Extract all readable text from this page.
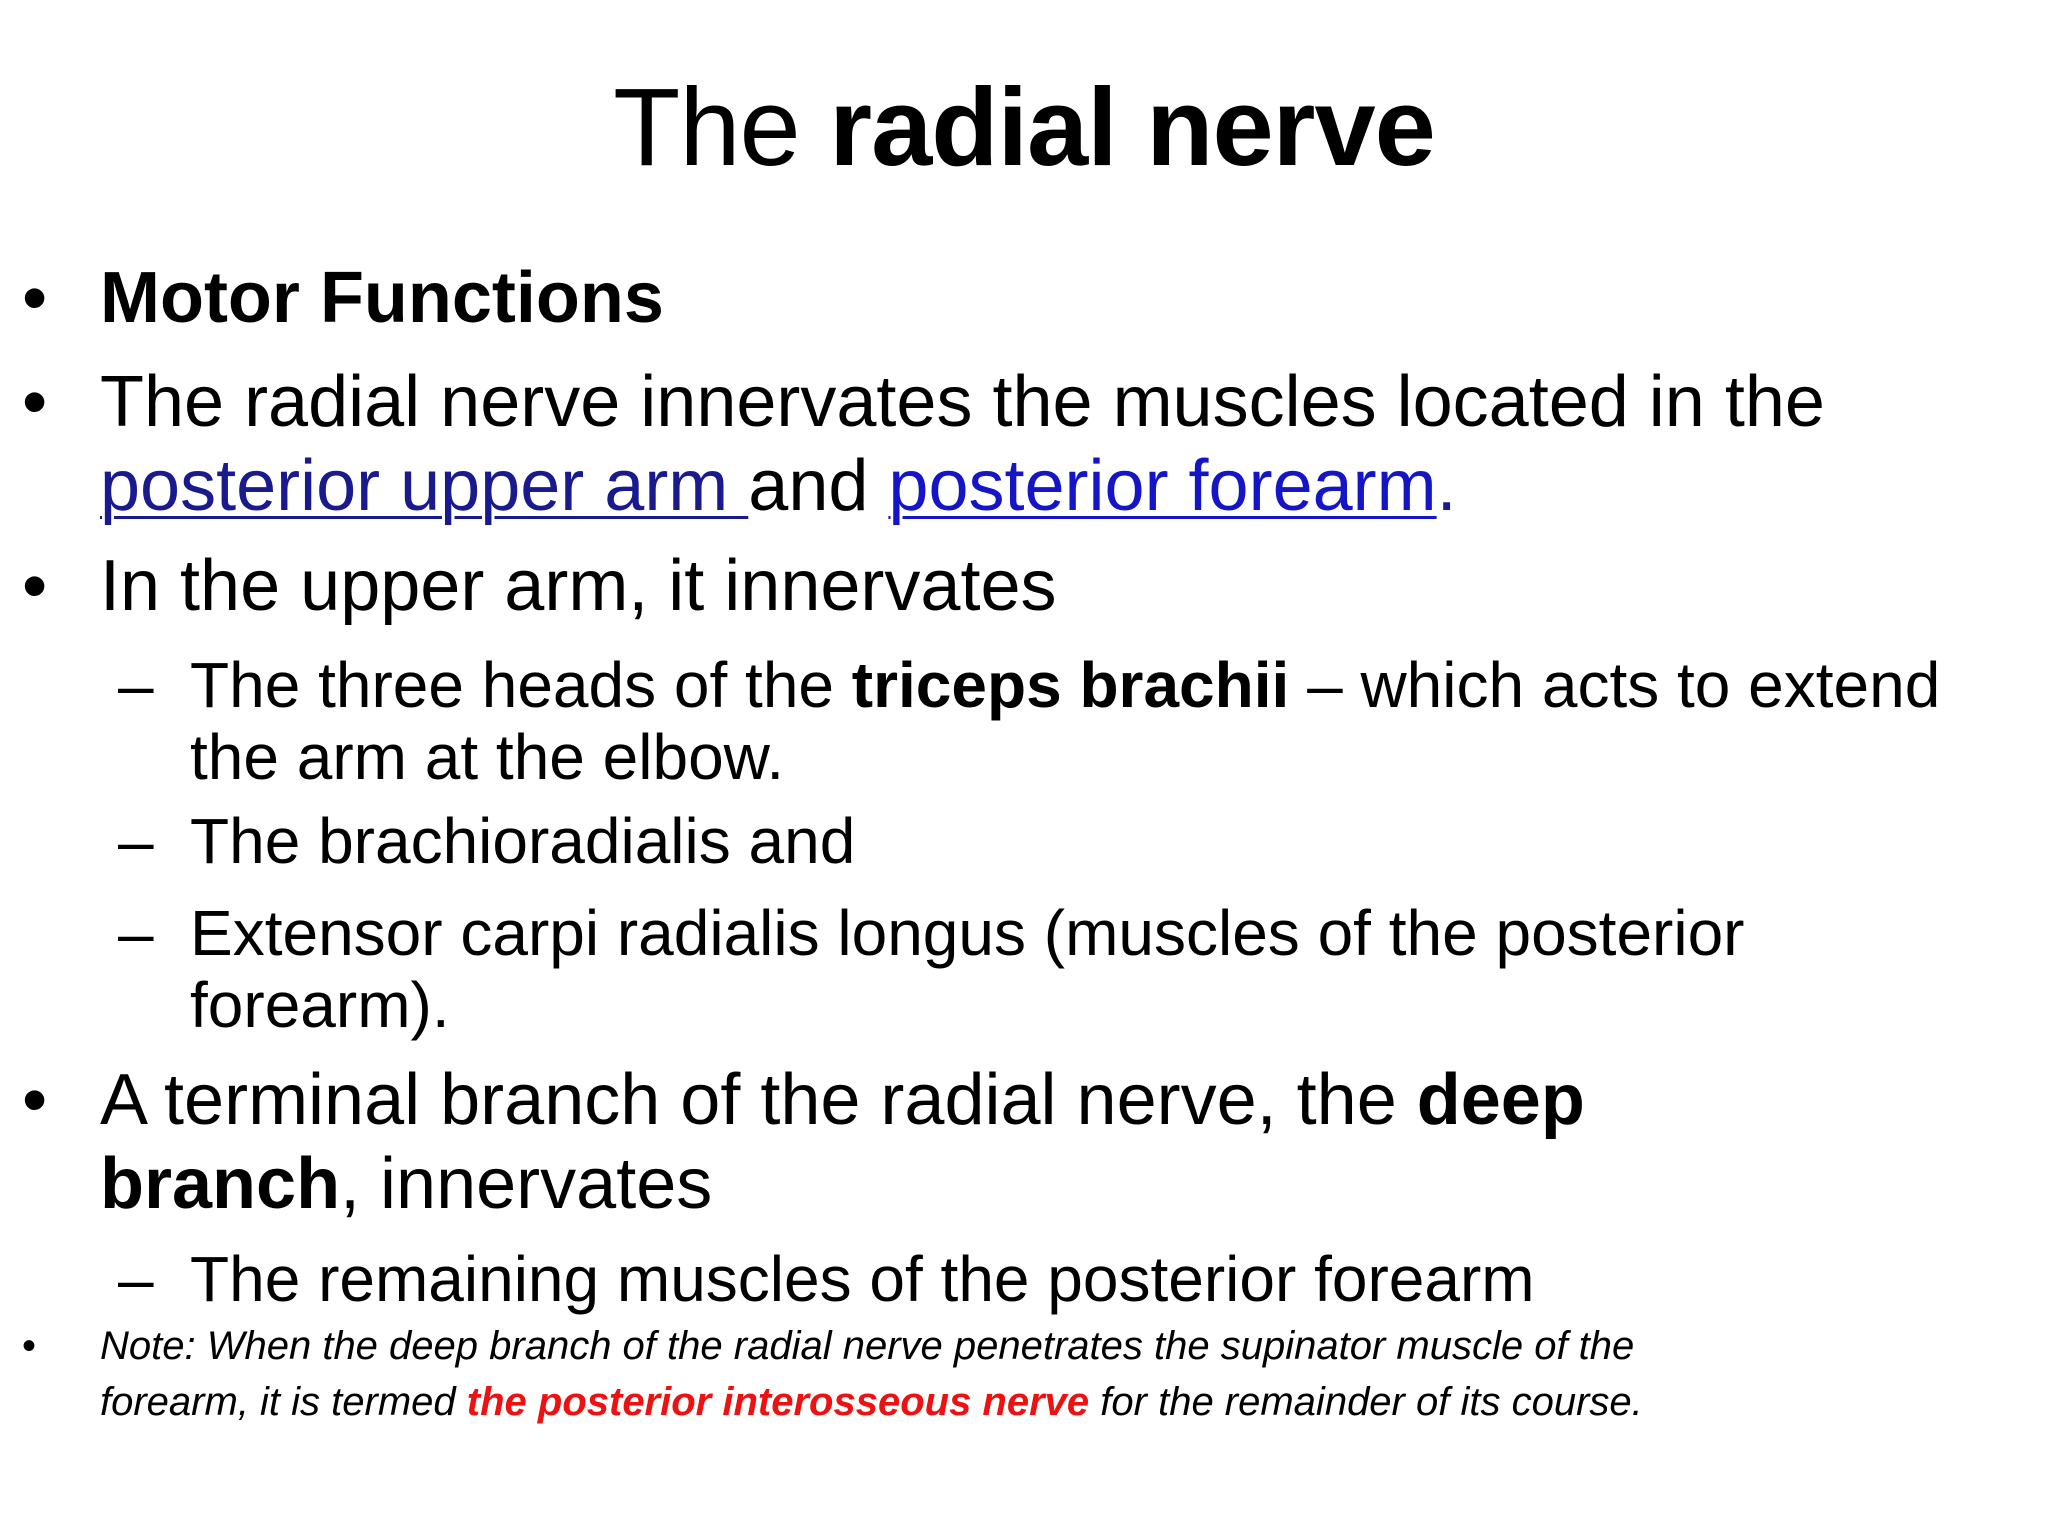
The radial nerve
• Motor Functions
• The radial nerve innervates the muscles located in the
posterior upper arm and posterior forearm.
• In the upper arm, it innervates
– The three heads of the triceps brachii – which acts to extend
the arm at the elbow.
– The brachioradialis and
– Extensor carpi radialis longus (muscles of the posterior
forearm).
• A terminal branch of the radial nerve, the deep
branch, innervates
– The remaining muscles of the posterior forearm
• Note: When the deep branch of the radial nerve penetrates the supinator muscle of the
forearm, it is termed the posterior interosseous nerve for the remainder of its course.
